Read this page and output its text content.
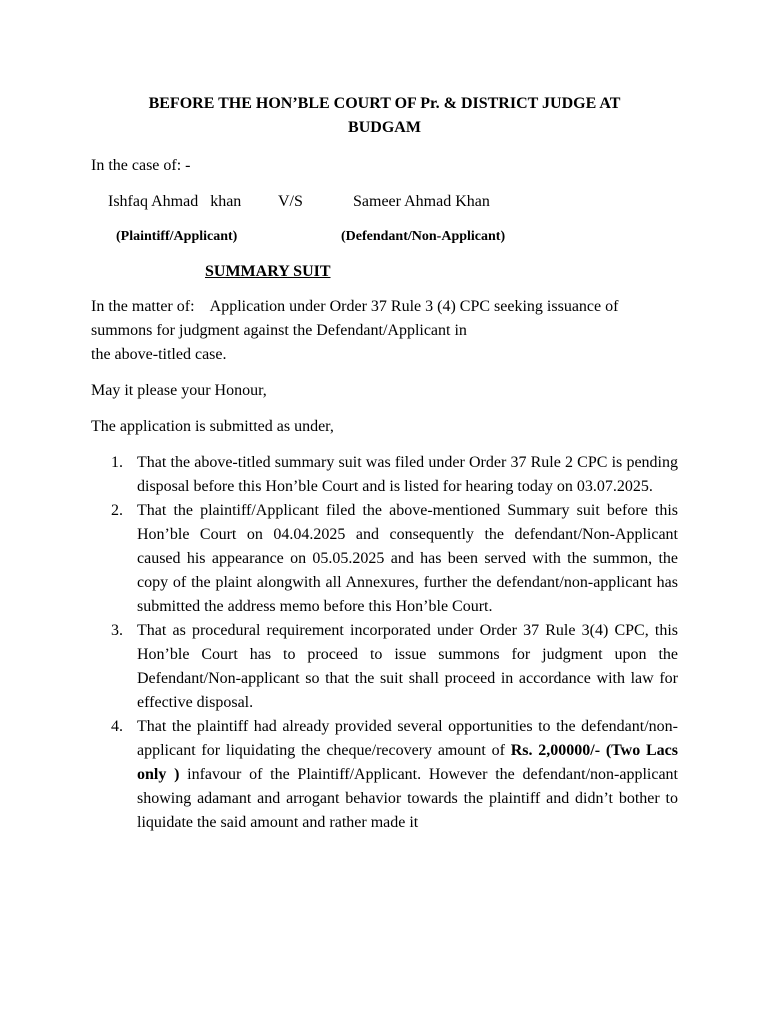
BEFORE THE HON’BLE COURT OF Pr. & DISTRICT JUDGE AT
BUDGAM
In the case of: -
Ishfaq Ahmad   khan V/S	Sameer Ahmad Khan
(Plaintiff/Applicant)	(Defendant/Non-Applicant)
SUMMARY SUIT
In the matter of: Application under Order 37 Rule 3 (4) CPC seeking issuance of
summons for judgment against the Defendant/Applicant in
the above-titled case.
May it please your Honour,
The application is submitted as under,
1. That the above-titled summary suit was filed under Order 37 Rule 2 CPC is pending disposal before this Hon’ble Court and is listed for hearing today on 03.07.2025.
2. That the plaintiff/Applicant filed the above-mentioned Summary suit before this Hon’ble Court on 04.04.2025 and consequently the defendant/Non-Applicant caused his appearance on 05.05.2025 and has been served with the summon, the copy of the plaint alongwith all Annexures, further the defendant/non-applicant has submitted the address memo before this Hon’ble Court.
3. That as procedural requirement incorporated under Order 37 Rule 3(4) CPC, this Hon’ble Court has to proceed to issue summons for judgment upon the Defendant/Non-applicant so that the suit shall proceed in accordance with law for effective disposal.
4. That the plaintiff had already provided several opportunities to the defendant/non-applicant for liquidating the cheque/recovery amount of Rs. 2,00000/- (Two Lacs only ) infavour of the Plaintiff/Applicant. However the defendant/non-applicant showing adamant and arrogant behavior towards the plaintiff and didn’t bother to liquidate the said amount and rather made it
